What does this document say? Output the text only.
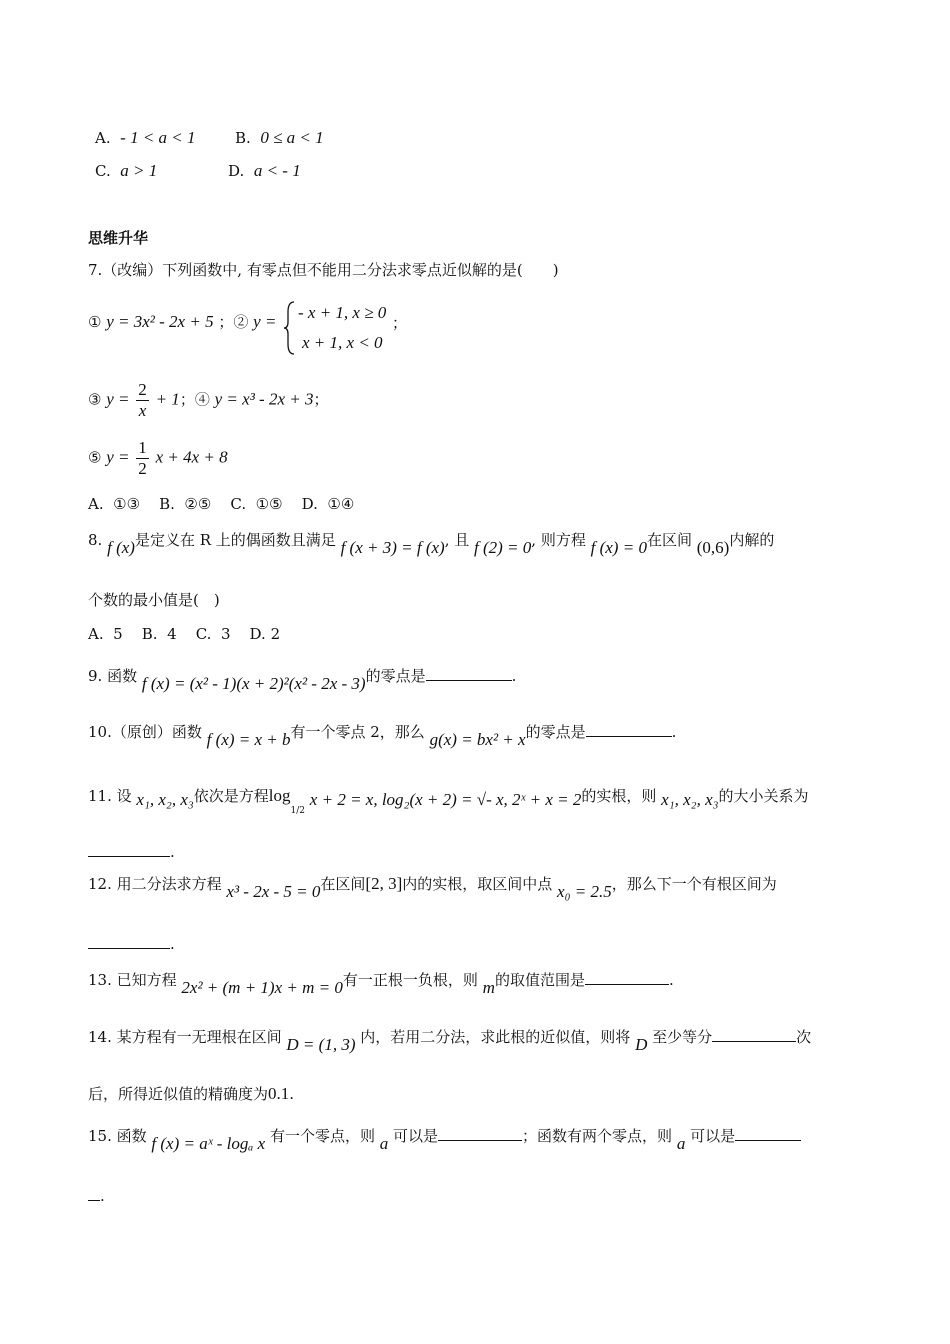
A. - 1 < a < 1	B. 0 ≤ a < 1
C. a > 1	D. a < - 1
思维升华
7.（改编）下列函数中, 有零点但不能用二分法求零点近似解的是(　　)
① y = 3x² - 2x + 5 ；② y = - x + 1, x ≥ 0
x + 1, x < 0
；
③ $y = \frac{2}{x} + 1$；④ y = x³ - 2x + 3；
⑤ $y = \frac{1}{2}$ x + 4x + 8
A.  ①③    B.  ②⑤    C.  ①⑤    D.  ①④
8. f (x)是定义在 R 上的偶函数且满足 f (x + 3) = f (x), 且 f (2) = 0, 则方程 f (x) = 0在区间 (0,6)内解的
个数的最小值是(　)
A.  5    B.  4    C.  3    D. 2
9. 函数 f (x) = (x² - 1)(x + 2)²(x² - 2x - 3)的零点是	.
10.（原创）函数 f (x) = x + b有一个零点 2，那么 g(x) = bx² + x的零点是	.
11. 设 x₁, x₂, x₃依次是方程$\log_{1/2} x + 2 = x$, log₂(x + 2) = √- x, 2ˣ + x = 2的实根，则 x₁, x₂, x₃的大小关系为
.
12. 用二分法求方程 x³ - 2x - 5 = 0在区间[2, 3]内的实根，取区间中点 x₀ = 2.5，那么下一个有根区间为
.
13. 已知方程 2x² + (m + 1)x + m = 0有一正根一负根，则 m的取值范围是	.
14. 某方程有一无理根在区间 D = (1, 3) 内，若用二分法，求此根的近似值，则将 D 至少等分	次
后，所得近似值的精确度为0.1.
15. 函数 f (x) = aˣ - logₐ x 有一个零点，则 a 可以是	；函数有两个零点，则 a 可以是
.
